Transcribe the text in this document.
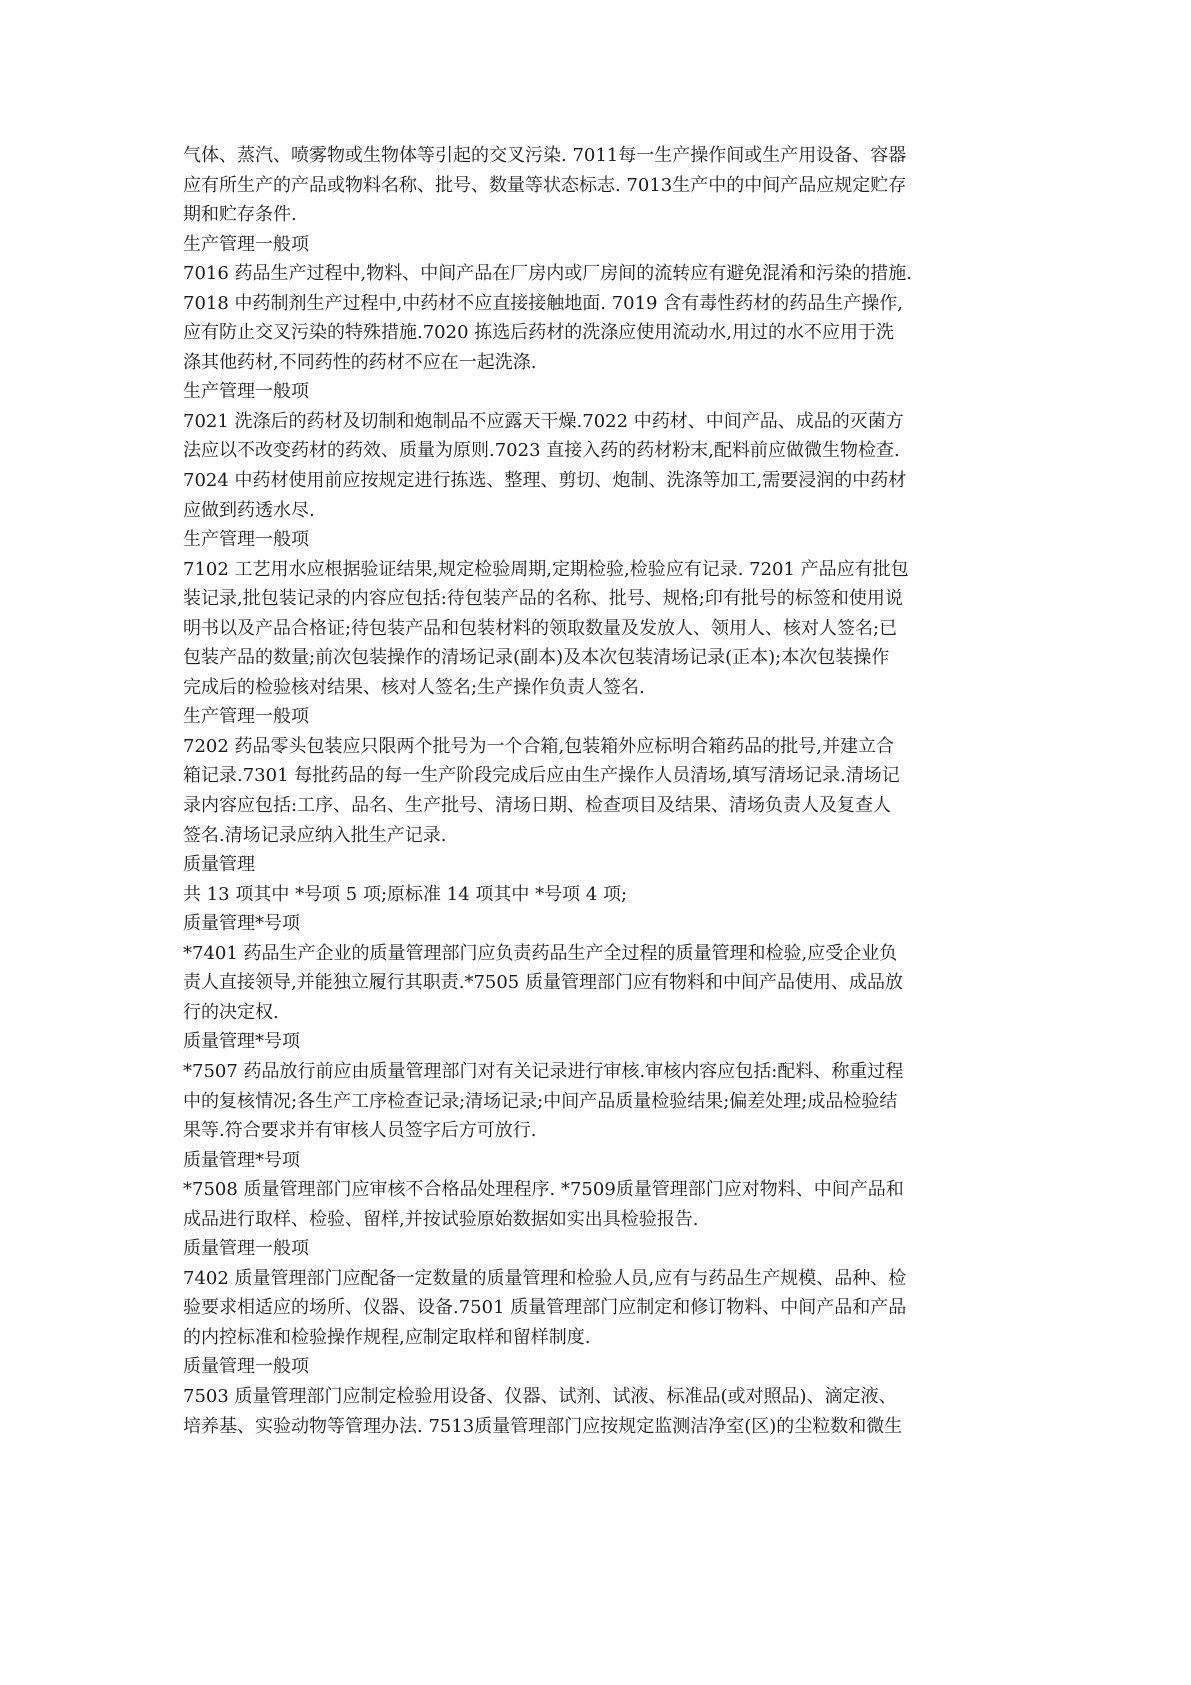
气体、蒸汽、喷雾物或生物体等引起的交叉污染. 7011每一生产操作间或生产用设备、容器
应有所生产的产品或物料名称、批号、数量等状态标志. 7013生产中的中间产品应规定贮存
期和贮存条件.
生产管理一般项
7016 药品生产过程中,物料、中间产品在厂房内或厂房间的流转应有避免混淆和污染的措施.
7018 中药制剂生产过程中,中药材不应直接接触地面. 7019 含有毒性药材的药品生产操作,
应有防止交叉污染的特殊措施.7020 拣选后药材的洗涤应使用流动水,用过的水不应用于洗
涤其他药材,不同药性的药材不应在一起洗涤.
生产管理一般项
7021 洗涤后的药材及切制和炮制品不应露天干燥.7022 中药材、中间产品、成品的灭菌方
法应以不改变药材的药效、质量为原则.7023 直接入药的药材粉末,配料前应做微生物检查.
7024 中药材使用前应按规定进行拣选、整理、剪切、炮制、洗涤等加工,需要浸润的中药材
应做到药透水尽.
生产管理一般项
7102 工艺用水应根据验证结果,规定检验周期,定期检验,检验应有记录. 7201 产品应有批包
装记录,批包装记录的内容应包括:待包装产品的名称、批号、规格;印有批号的标签和使用说
明书以及产品合格证;待包装产品和包装材料的领取数量及发放人、领用人、核对人签名;已
包装产品的数量;前次包装操作的清场记录(副本)及本次包装清场记录(正本);本次包装操作
完成后的检验核对结果、核对人签名;生产操作负责人签名.
生产管理一般项
7202 药品零头包装应只限两个批号为一个合箱,包装箱外应标明合箱药品的批号,并建立合
箱记录.7301 每批药品的每一生产阶段完成后应由生产操作人员清场,填写清场记录.清场记
录内容应包括:工序、品名、生产批号、清场日期、检查项目及结果、清场负责人及复查人
签名.清场记录应纳入批生产记录.
质量管理
共 13 项其中 *号项 5 项;原标准 14 项其中 *号项 4 项;
质量管理*号项
*7401 药品生产企业的质量管理部门应负责药品生产全过程的质量管理和检验,应受企业负
责人直接领导,并能独立履行其职责.*7505 质量管理部门应有物料和中间产品使用、成品放
行的决定权.
质量管理*号项
*7507 药品放行前应由质量管理部门对有关记录进行审核.审核内容应包括:配料、称重过程
中的复核情况;各生产工序检查记录;清场记录;中间产品质量检验结果;偏差处理;成品检验结
果等.符合要求并有审核人员签字后方可放行.
质量管理*号项
*7508 质量管理部门应审核不合格品处理程序. *7509质量管理部门应对物料、中间产品和
成品进行取样、检验、留样,并按试验原始数据如实出具检验报告.
质量管理一般项
7402 质量管理部门应配备一定数量的质量管理和检验人员,应有与药品生产规模、品种、检
验要求相适应的场所、仪器、设备.7501 质量管理部门应制定和修订物料、中间产品和产品
的内控标准和检验操作规程,应制定取样和留样制度.
质量管理一般项
7503 质量管理部门应制定检验用设备、仪器、试剂、试液、标准品(或对照品)、滴定液、
培养基、实验动物等管理办法. 7513质量管理部门应按规定监测洁净室(区)的尘粒数和微生
